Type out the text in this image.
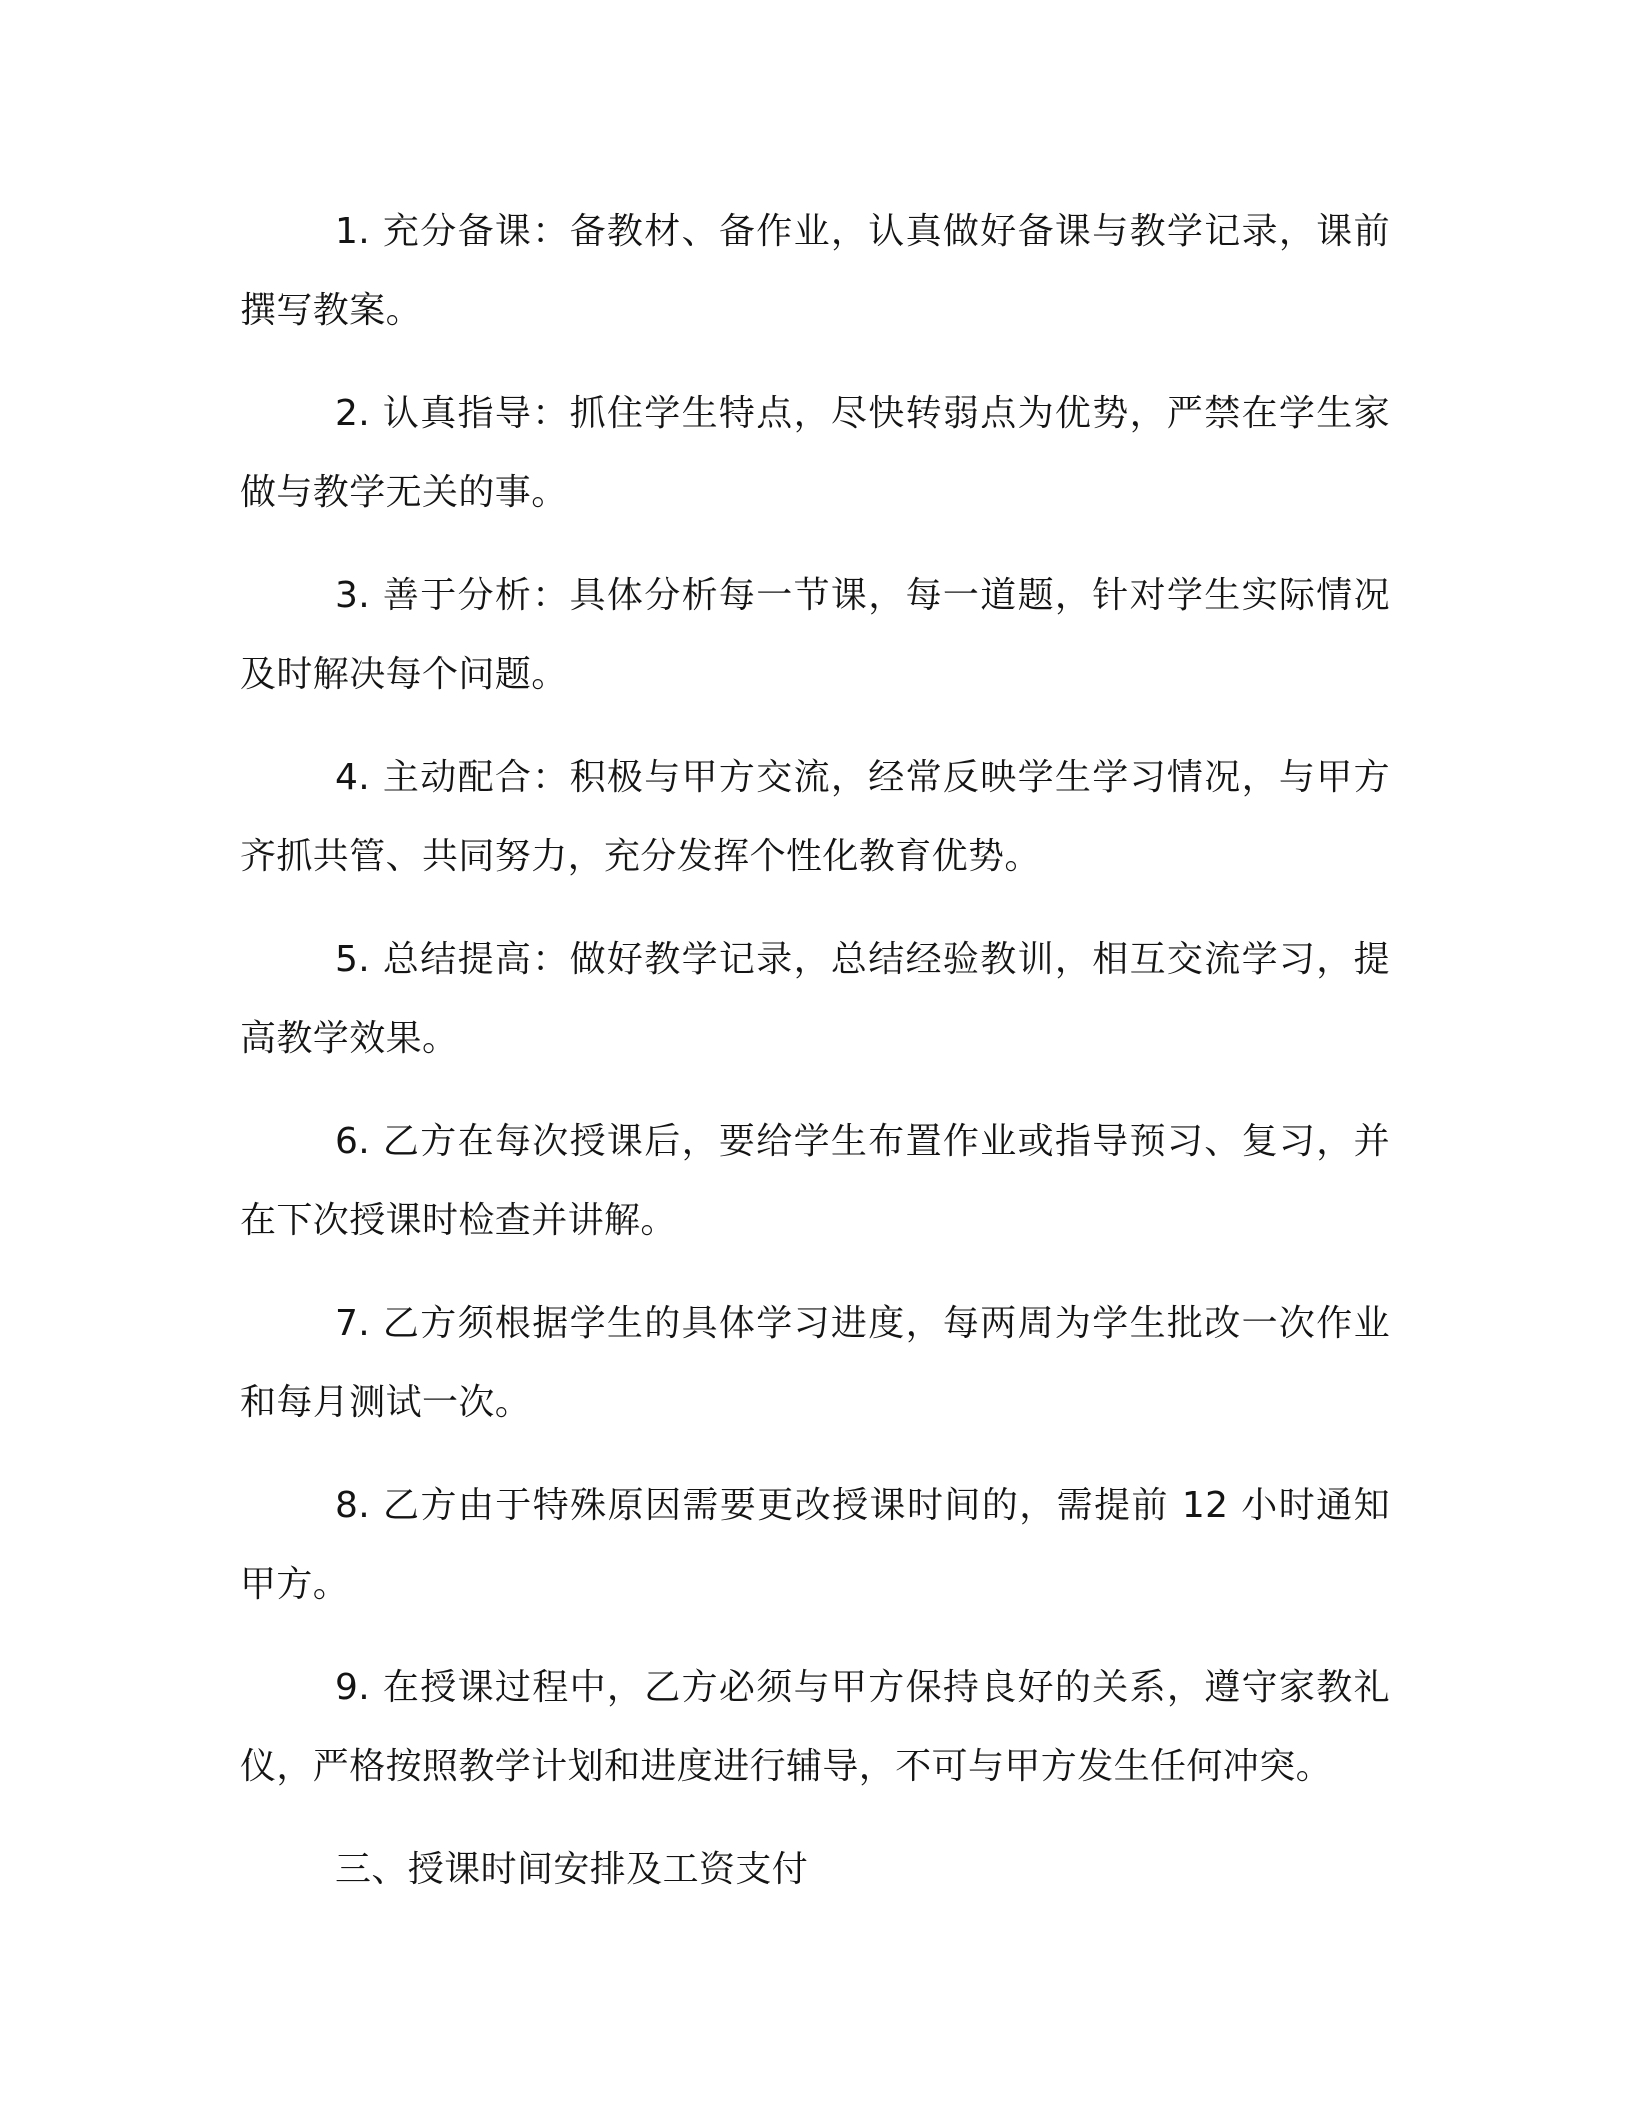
1. 充分备课：备教材、备作业，认真做好备课与教学记录，课前撰写教案。

2. 认真指导：抓住学生特点，尽快转弱点为优势，严禁在学生家做与教学无关的事。

3. 善于分析：具体分析每一节课，每一道题，针对学生实际情况及时解决每个问题。

4. 主动配合：积极与甲方交流，经常反映学生学习情况，与甲方齐抓共管、共同努力，充分发挥个性化教育优势。

5. 总结提高：做好教学记录，总结经验教训，相互交流学习，提高教学效果。

6. 乙方在每次授课后，要给学生布置作业或指导预习、复习，并在下次授课时检查并讲解。

7. 乙方须根据学生的具体学习进度，每两周为学生批改一次作业和每月测试一次。

8. 乙方由于特殊原因需要更改授课时间的，需提前 12 小时通知甲方。

9. 在授课过程中，乙方必须与甲方保持良好的关系，遵守家教礼仪，严格按照教学计划和进度进行辅导，不可与甲方发生任何冲突。

三、授课时间安排及工资支付
